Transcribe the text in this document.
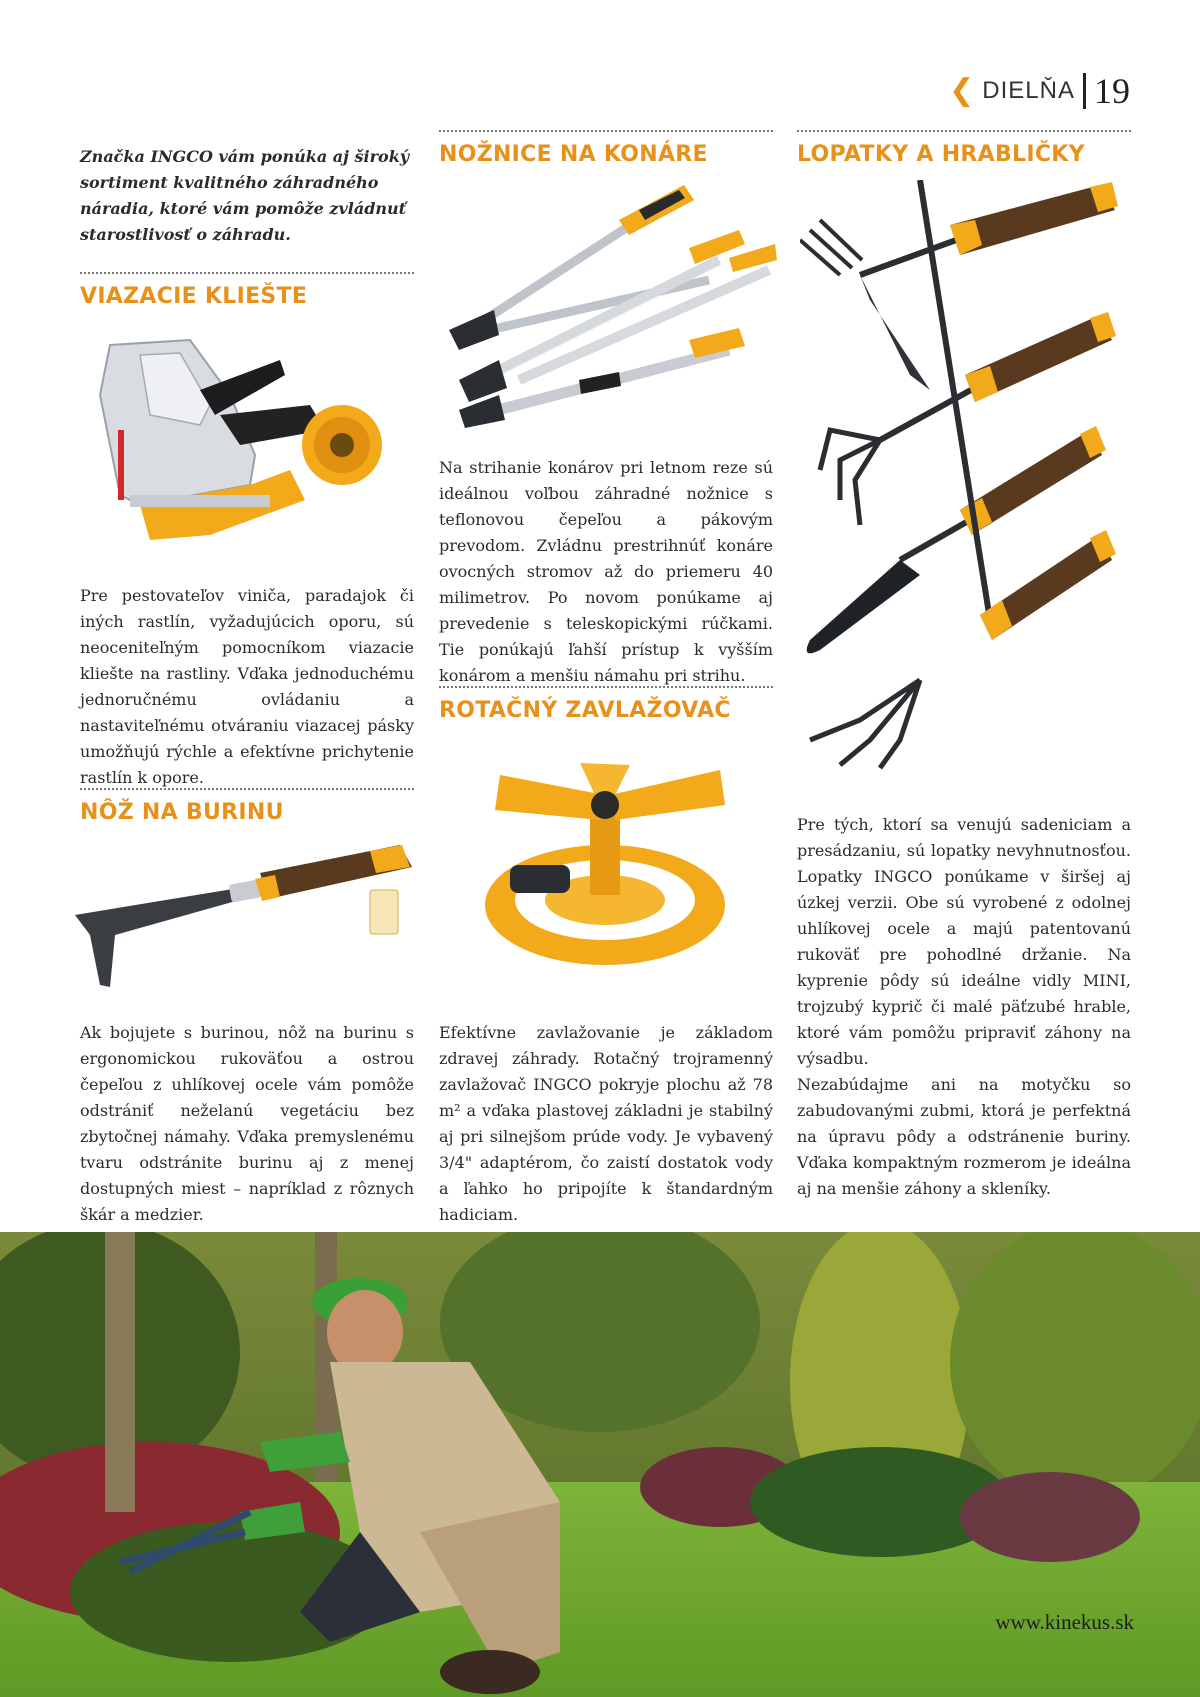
❮ DIELŇA 19
Značka INGCO vám ponúka aj široký sortiment kvalitného záhradného náradia, ktoré vám pomôže zvládnuť starostlivosť o záhradu.
VIAZACIE KLIEŠTE

Pre pestovateľov viniča, paradajok či iných rastlín, vyžadujúcich oporu, sú neoceniteľným pomocníkom viazacie kliešte na rastliny. Vďaka jednoduchému jednoručnému ovládaniu a nastaviteľnému otváraniu viazacej pásky umožňujú rýchle a efektívne prichytenie rastlín k opore.

NÔŽ NA BURINU

Ak bojujete s burinou, nôž na burinu s ergonomickou rukoväťou a ostrou čepeľou z uhlíkovej ocele vám pomôže odstrániť neželanú vegetáciu bez zbytočnej námahy. Vďaka premyslenému tvaru odstránite burinu aj z menej dostupných miest – napríklad z rôznych škár a medzier.

NOŽNICE NA KONÁRE

Na strihanie konárov pri letnom reze sú ideálnou voľbou záhradné nožnice s teflonovou čepeľou a pákovým prevodom. Zvládnu prestrihnúť konáre ovocných stromov až do priemeru 40 milimetrov. Po novom ponúkame aj prevedenie s teleskopickými rúčkami. Tie ponúkajú ľahší prístup k vyšším konárom a menšiu námahu pri strihu.

ROTAČNÝ ZAVLAŽOVAČ

Efektívne zavlažovanie je základom zdravej záhrady. Rotačný trojramenný zavlažovač INGCO pokryje plochu až 78 m² a vďaka plastovej základni je stabilný aj pri silnejšom prúde vody. Je vybavený 3/4" adaptérom, čo zaistí dostatok vody a ľahko ho pripojíte k štandardným hadiciam.

LOPATKY A HRABLIČKY

Pre tých, ktorí sa venujú sadeniciam a presádzaniu, sú lopatky nevyhnutnosťou. Lopatky INGCO ponúkame v širšej aj úzkej verzii. Obe sú vyrobené z odolnej uhlíkovej ocele a majú patentovanú rukoväť pre pohodlné držanie. Na kyprenie pôdy sú ideálne vidly MINI, trojzubý kyprič či malé päťzubé hrable, ktoré vám pomôžu pripraviť záhony na výsadbu.

Nezabúdajme ani na motyčku so zabudovanými zubmi, ktorá je perfektná na úpravu pôdy a odstránenie buriny. Vďaka kompaktným rozmerom je ideálna aj na menšie záhony a skleníky.

www.kinekus.sk
